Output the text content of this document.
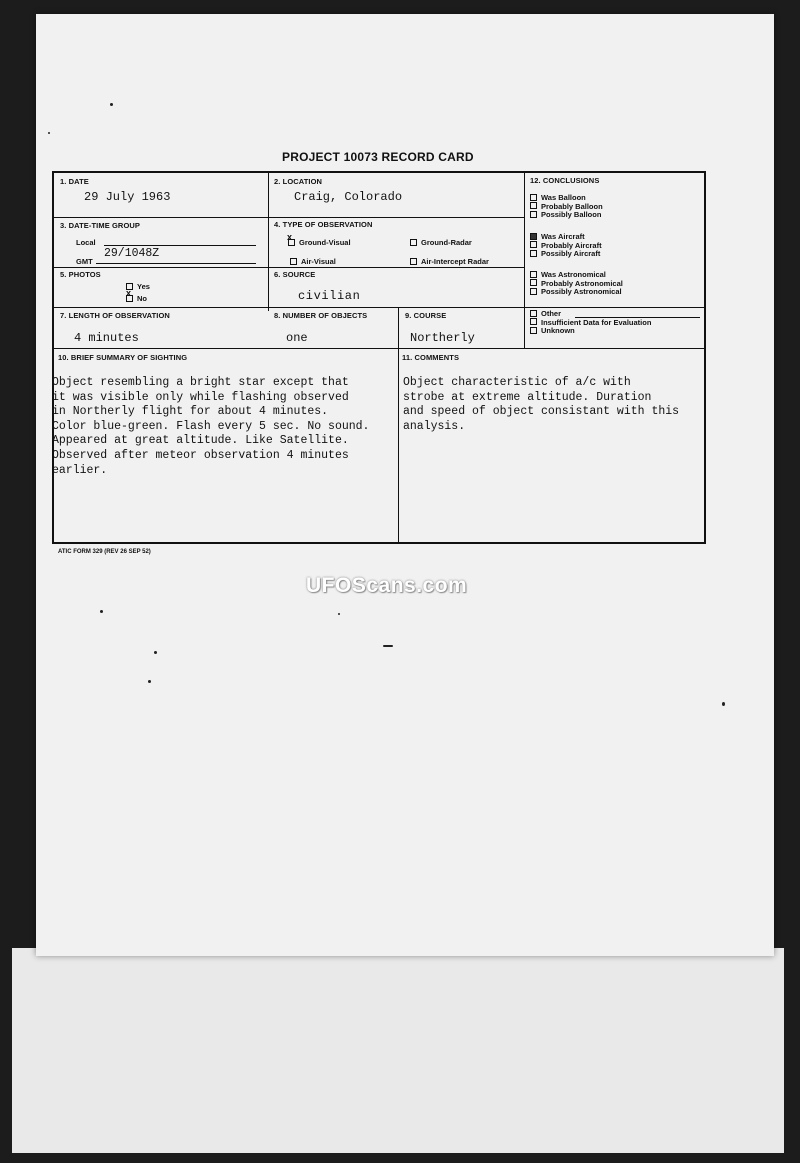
PROJECT 10073 RECORD CARD
1. DATE
29 July 1963
2. LOCATION
Craig, Colorado
3. DATE-TIME GROUP
Local
GMT
29/1048Z
4. TYPE OF OBSERVATION
Ground-Visual
x
Ground-Radar
Air-Visual	Air-Intercept Radar
5. PHOTOS
Yes
No
x
6. SOURCE
civilian
7. LENGTH OF OBSERVATION
4 minutes
8. NUMBER OF OBJECTS
one
9. COURSE
Northerly
12. CONCLUSIONS
Was Balloon
Probably Balloon
Possibly Balloon
Was Aircraft
Probably Aircraft
Possibly Aircraft
Was Astronomical
Probably Astronomical
Possibly Astronomical
Other
Insufficient Data for Evaluation
Unknown
10. BRIEF SUMMARY OF SIGHTING
Object resembling a bright star except that
it was visible only while flashing observed
in Northerly flight for about 4 minutes.
Color blue-green. Flash every 5 sec. No sound.
Appeared at great altitude. Like Satellite.
Observed after meteor observation 4 minutes
earlier.
11. COMMENTS
Object characteristic of a/c with
strobe at extreme altitude. Duration
and speed of object consistant with this
analysis.
ATIC FORM 329 (REV 26 SEP 52)
UFOScans.com
